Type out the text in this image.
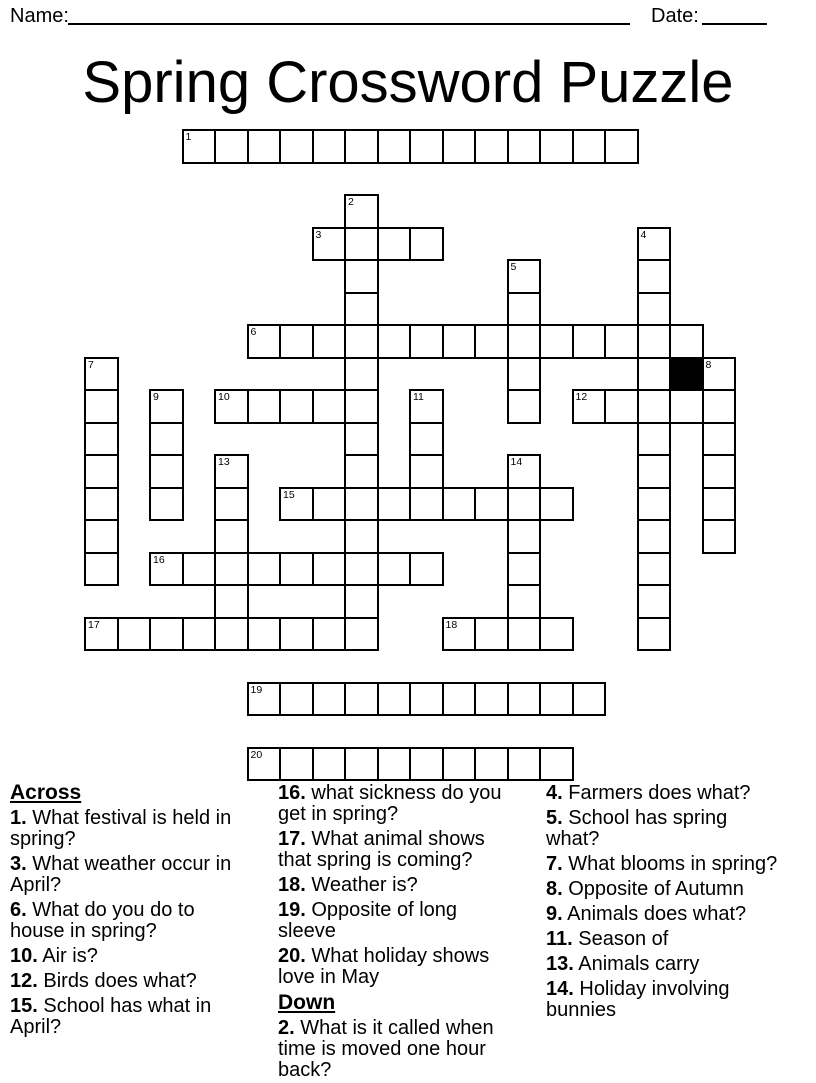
Name:	Date:
Spring Crossword Puzzle
1
3
6
10	12
15
16
17	18
19
20
2
4
5
7	8
9	11
13	14
Across
1. What festival is held in spring?
3. What weather occur in April?
6. What do you do to house in spring?
10. Air is?
12. Birds does what?
15. School has what in April?
16. what sickness do you get in spring?
17. What animal shows that spring is coming?
18. Weather is?
19. Opposite of long sleeve
20. What holiday shows love in May
Down
2. What is it called when time is moved one hour back?
4. Farmers does what?
5. School has spring what?
7. What blooms in spring?
8. Opposite of Autumn
9. Animals does what?
11. Season of
13. Animals carry
14. Holiday involving bunnies
